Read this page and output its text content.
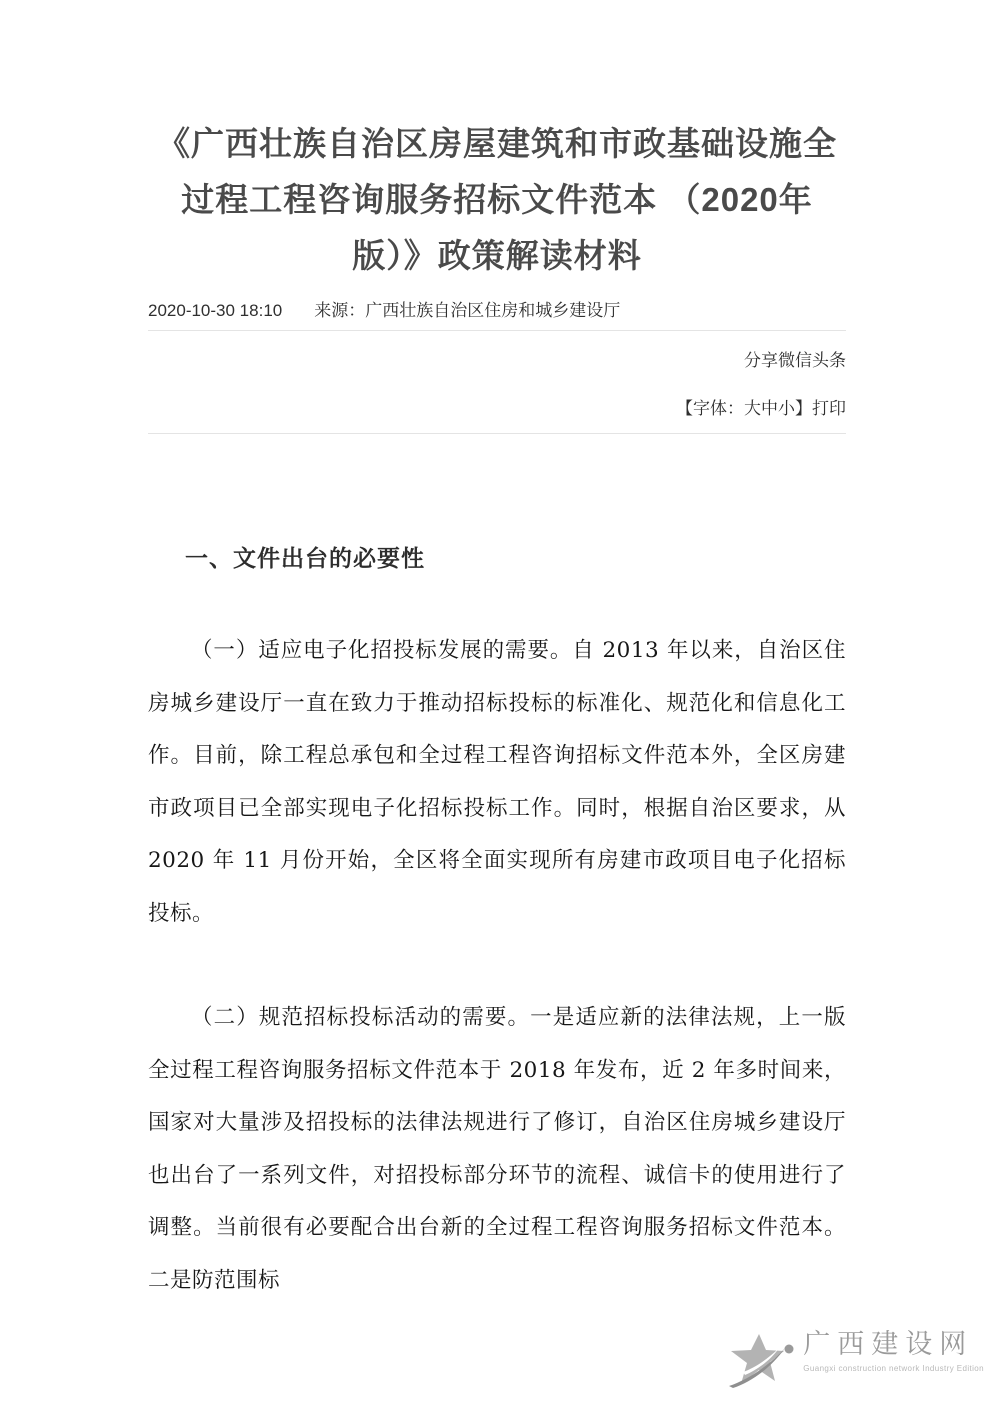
《广西壮族自治区房屋建筑和市政基础设施全过程工程咨询服务招标文件范本 （2020年版）》政策解读材料
2020-10-30 18:10 来源：广西壮族自治区住房和城乡建设厅
分享微信头条
【字体：大中小】打印
一、文件出台的必要性

（一）适应电子化招投标发展的需要。自 2013 年以来，自治区住房城乡建设厅一直在致力于推动招标投标的标准化、规范化和信息化工作。目前，除工程总承包和全过程工程咨询招标文件范本外，全区房建市政项目已全部实现电子化招标投标工作。同时，根据自治区要求，从 2020 年 11 月份开始，全区将全面实现所有房建市政项目电子化招标投标。

（二）规范招标投标活动的需要。一是适应新的法律法规，上一版全过程工程咨询服务招标文件范本于 2018 年发布，近 2 年多时间来，国家对大量涉及招投标的法律法规进行了修订，自治区住房城乡建设厅也出台了一系列文件，对招投标部分环节的流程、诚信卡的使用进行了调整。当前很有必要配合出台新的全过程工程咨询服务招标文件范本。二是防范围标

广西建设网
Guangxi construction network Industry Edition
